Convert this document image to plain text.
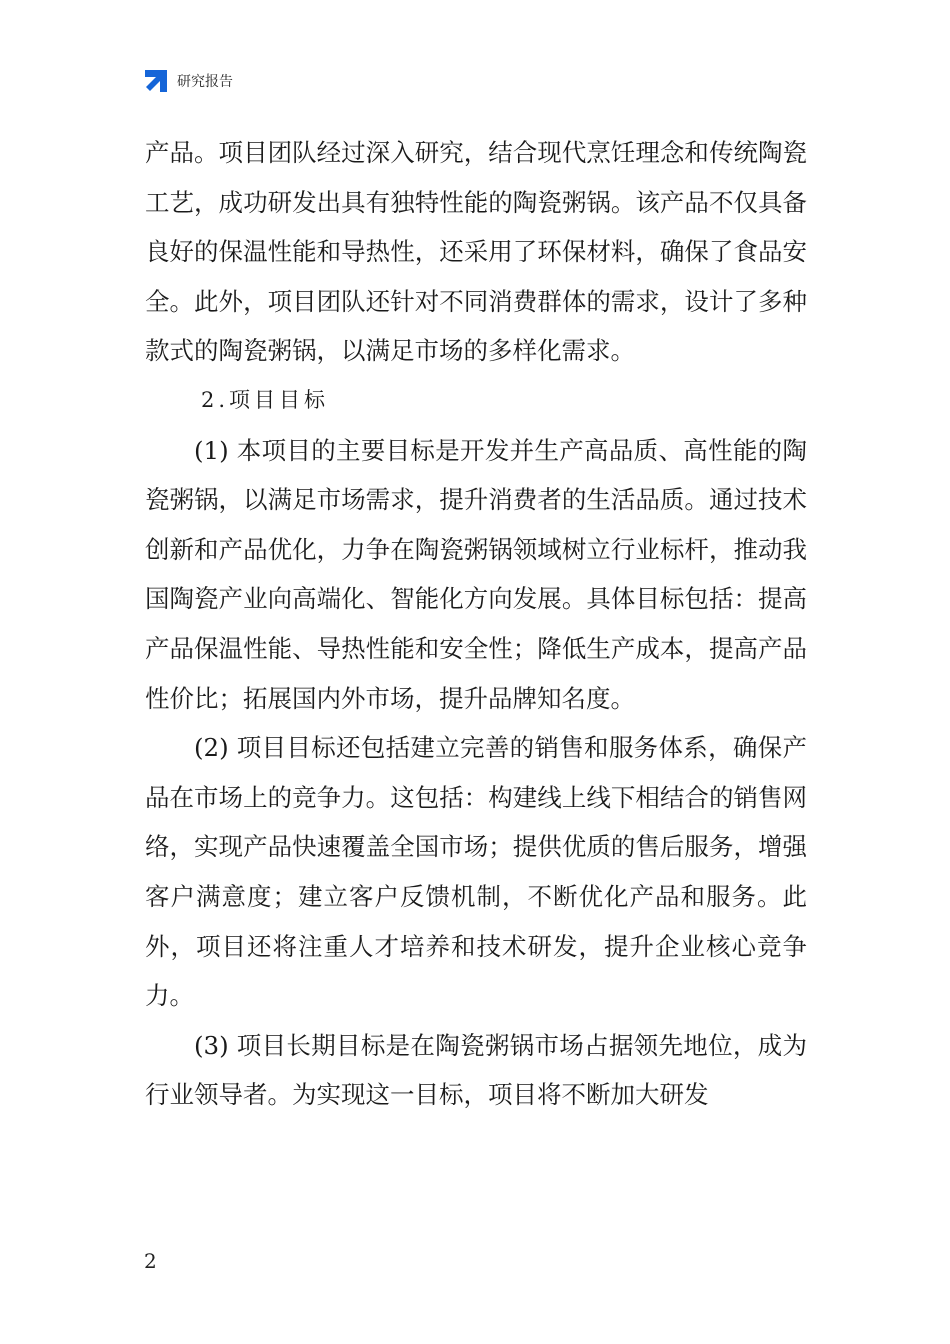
研究报告

产品。项目团队经过深入研究，结合现代烹饪理念和传统陶瓷工艺，成功研发出具有独特性能的陶瓷粥锅。该产品不仅具备良好的保温性能和导热性，还采用了环保材料，确保了食品安全。此外，项目团队还针对不同消费群体的需求，设计了多种款式的陶瓷粥锅，以满足市场的多样化需求。

2.项目目标

(1) 本项目的主要目标是开发并生产高品质、高性能的陶瓷粥锅，以满足市场需求，提升消费者的生活品质。通过技术创新和产品优化，力争在陶瓷粥锅领域树立行业标杆，推动我国陶瓷产业向高端化、智能化方向发展。具体目标包括：提高产品保温性能、导热性能和安全性；降低生产成本，提高产品性价比；拓展国内外市场，提升品牌知名度。

(2) 项目目标还包括建立完善的销售和服务体系，确保产品在市场上的竞争力。这包括：构建线上线下相结合的销售网络，实现产品快速覆盖全国市场；提供优质的售后服务，增强客户满意度；建立客户反馈机制，不断优化产品和服务。此外，项目还将注重人才培养和技术研发，提升企业核心竞争力。

(3) 项目长期目标是在陶瓷粥锅市场占据领先地位，成为行业领导者。为实现这一目标，项目将不断加大研发

2
